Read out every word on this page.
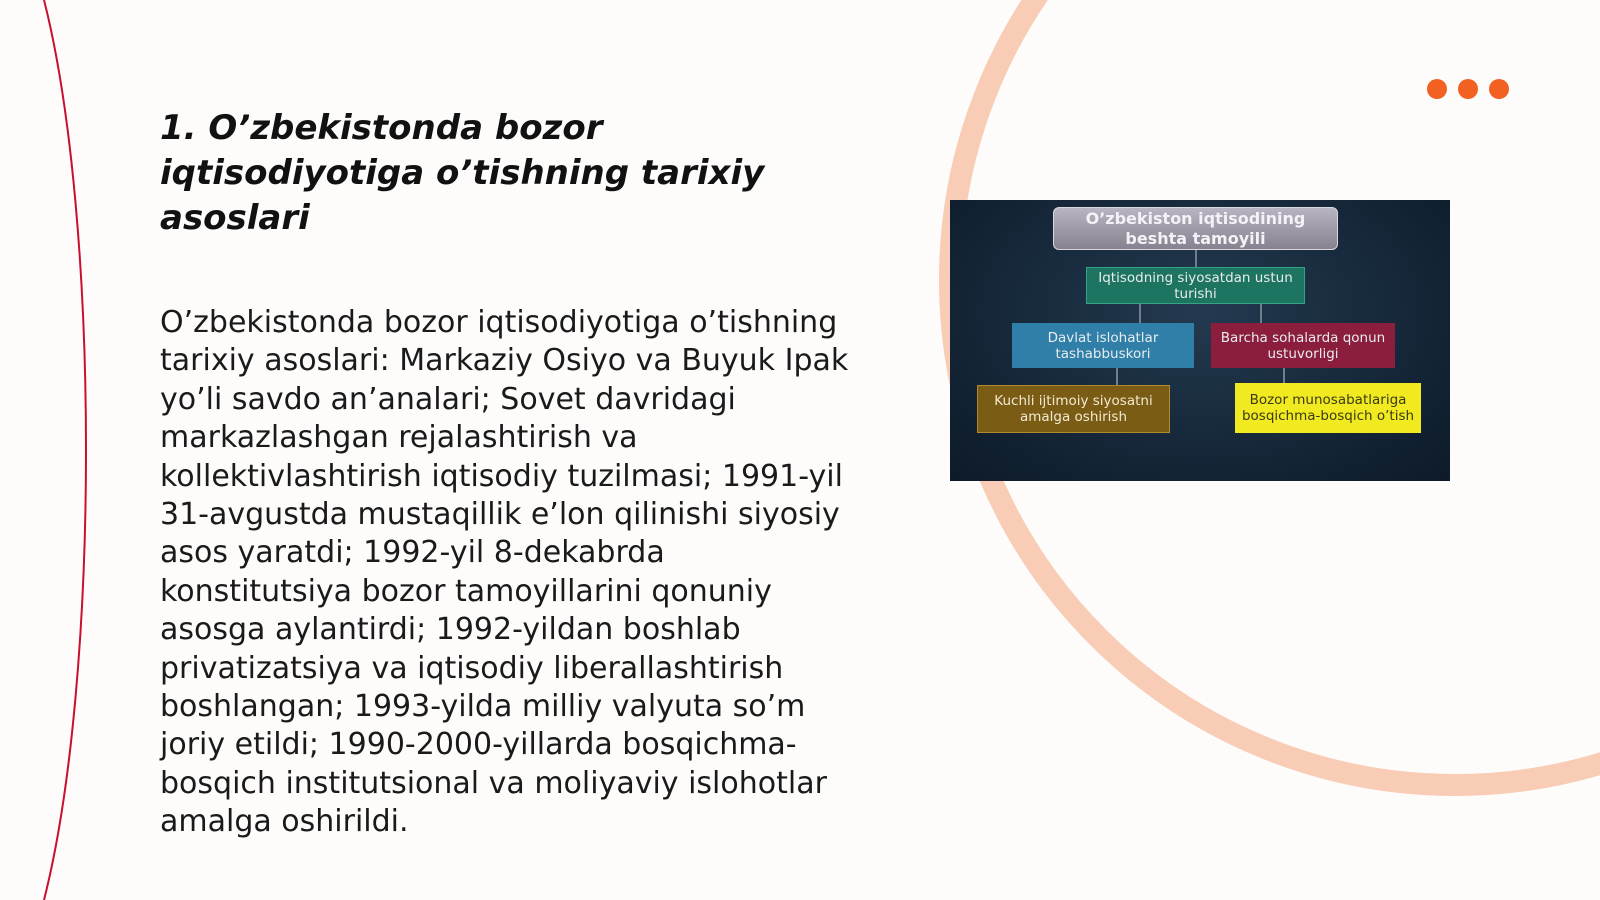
1. O’zbekistonda bozor iqtisodiyotiga o’tishning tarixiy asoslari

O’zbekistonda bozor iqtisodiyotiga o’tishning tarixiy asoslari: Markaziy Osiyo va Buyuk Ipak yo’li savdo an’analari; Sovet davridagi markazlashgan rejalashtirish va kollektivlashtirish iqtisodiy tuzilmasi; 1991-yil 31-avgustda mustaqillik e’lon qilinishi siyosiy asos yaratdi; 1992-yil 8-dekabrda konstitutsiya bozor tamoyillarini qonuniy asosga aylantirdi; 1992-yildan boshlab privatizatsiya va iqtisodiy liberallashtirish boshlangan; 1993-yilda milliy valyuta so’m joriy etildi; 1990-2000-yillarda bosqichma-bosqich institutsional va moliyaviy islohotlar amalga oshirildi.

O’zbekiston iqtisodining beshta tamoyili
Iqtisodning siyosatdan ustun turishi
Davlat islohatlar tashabbuskori
Barcha sohalarda qonun ustuvorligi
Kuchli ijtimoiy siyosatni amalga oshirish
Bozor munosabatlariga bosqichma-bosqich o’tish
